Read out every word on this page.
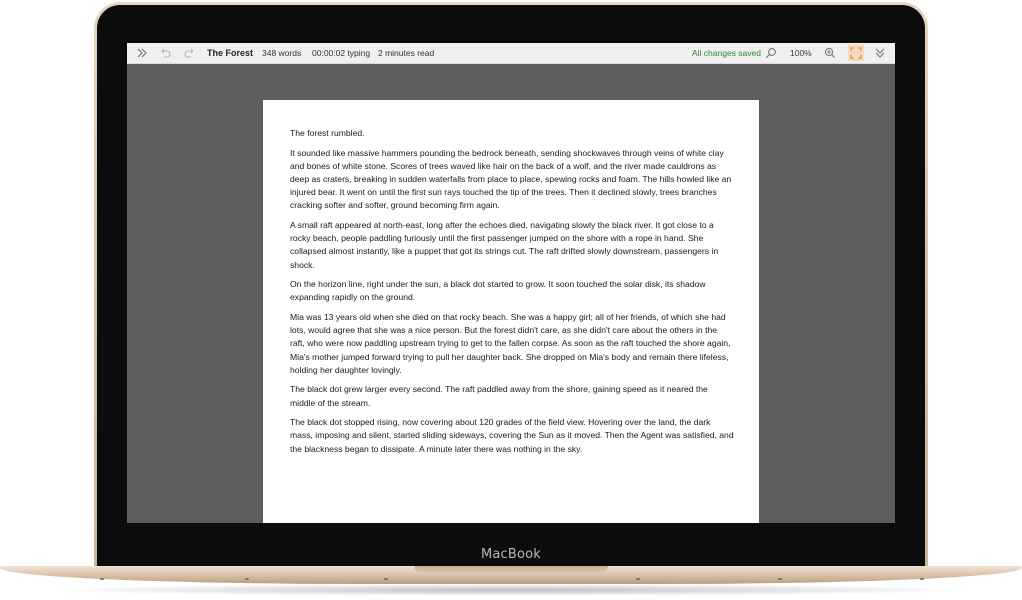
MacBook
The Forest 348 words 00:00:02 typing 2 minutes read	All changes saved	100%

The forest rumbled.

It sounded like massive hammers pounding the bedrock beneath, sending shockwaves through veins of white clay and bones of white stone. Scores of trees waved like hair on the back of a wolf, and the river made cauldrons as deep as craters, breaking in sudden waterfalls from place to place, spewing rocks and foam. The hills howled like an injured bear. It went on until the first sun rays touched the tip of the trees. Then it declined slowly, trees branches cracking softer and softer, ground becoming firm again.

A small raft appeared at north-east, long after the echoes died, navigating slowly the black river. It got close to a rocky beach, people paddling furiously until the first passenger jumped on the shore with a rope in hand. She collapsed almost instantly, like a puppet that got its strings cut. The raft drifted slowly downstream, passengers in shock.

On the horizon line, right under the sun, a black dot started to grow. It soon touched the solar disk, its shadow expanding rapidly on the ground.

Mia was 13 years old when she died on that rocky beach. She was a happy girl; all of her friends, of which she had lots, would agree that she was a nice person. But the forest didn't care, as she didn't care about the others in the raft, who were now paddling upstream trying to get to the fallen corpse. As soon as the raft touched the shore again, Mia's mother jumped forward trying to pull her daughter back. She dropped on Mia's body and remain there lifeless, holding her daughter lovingly.

The black dot grew larger every second. The raft paddled away from the shore, gaining speed as it neared the middle of the stream.

The black dot stopped rising, now covering about 120 grades of the field view. Hovering over the land, the dark mass, imposing and silent, started sliding sideways, covering the Sun as it moved. Then the Agent was satisfied, and the blackness began to dissipate. A minute later there was nothing in the sky.
